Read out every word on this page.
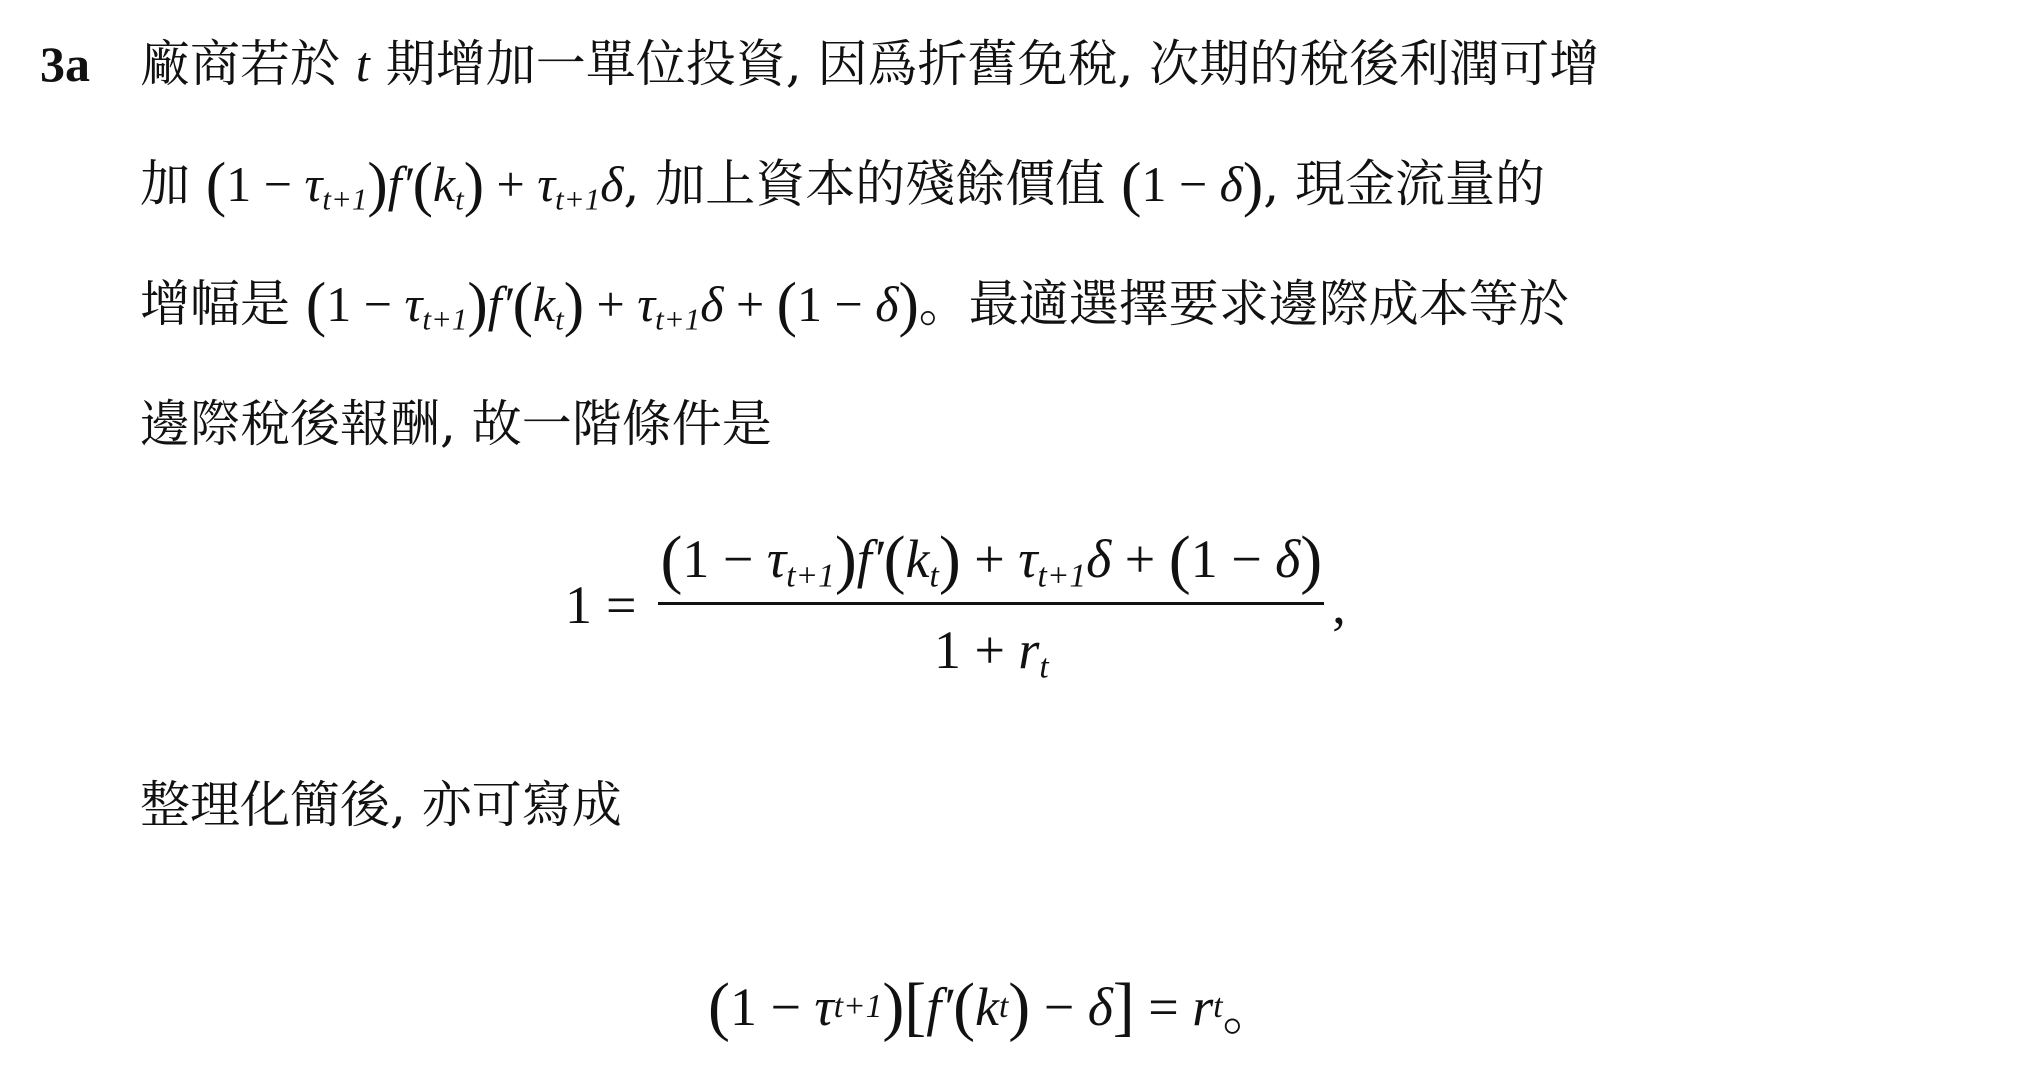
3a 廠商若於 t 期增加一單位投資, 因爲折舊免稅, 次期的稅後利潤可增
加 $(1 - \tau_{t+1})f'(k_t) + \tau_{t+1}\delta$, 加上資本的殘餘價值 (1 − δ), 現金流量的
增幅是 $(1 - \tau_{t+1})f'(k_t) + \tau_{t+1}\delta + (1 - \delta)$。最適選擇要求邊際成本等於
邊際稅後報酬, 故一階條件是
$1 = \frac{(1 - \tau_{t+1})f'(k_t) + \tau_{t+1}\delta + (1 - \delta)}{1 + r_t}$ ,
整理化簡後, 亦可寫成
( 1
−
τ t+1 ) [ f′ ( k t )
−
δ ]
=
r t 。
